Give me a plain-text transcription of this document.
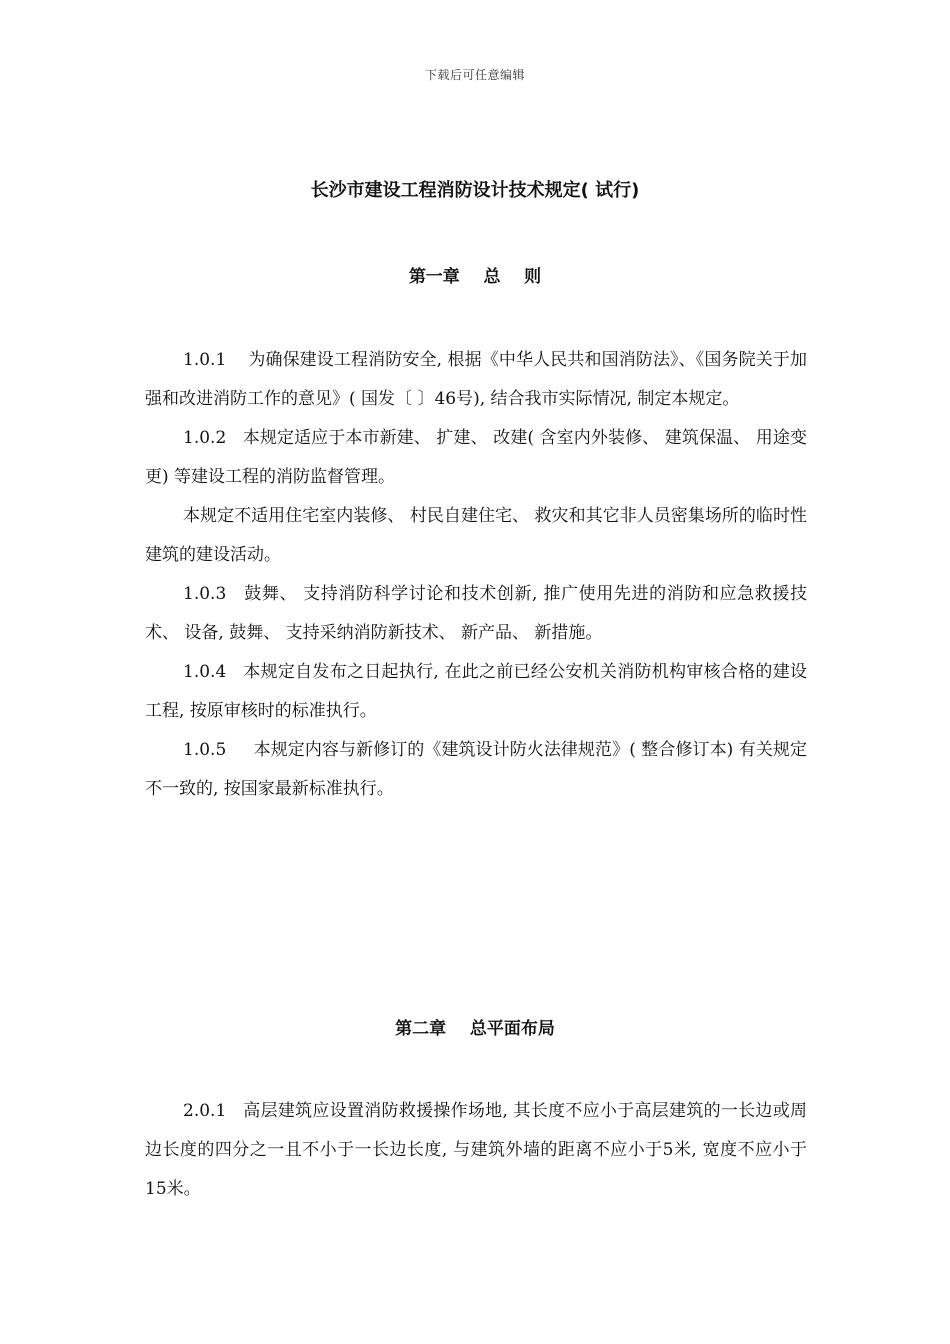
下载后可任意编辑
长沙市建设工程消防设计技术规定( 试行)
第一章    总    则

1.0.1    为确保建设工程消防安全, 根据《中华人民共和国消防法》、《国务院关于加强和改进消防工作的意见》( 国发〔 〕46号), 结合我市实际情况, 制定本规定。

1.0.2   本规定适应于本市新建、 扩建、 改建( 含室内外装修、 建筑保温、 用途变更) 等建设工程的消防监督管理。

本规定不适用住宅室内装修、 村民自建住宅、 救灾和其它非人员密集场所的临时性建筑的建设活动。

1.0.3   鼓舞、 支持消防科学讨论和技术创新, 推广使用先进的消防和应急救援技术、 设备, 鼓舞、 支持采纳消防新技术、 新产品、 新措施。

1.0.4   本规定自发布之日起执行, 在此之前已经公安机关消防机构审核合格的建设工程, 按原审核时的标准执行。

1.0.5     本规定内容与新修订的《建筑设计防火法律规范》( 整合修订本) 有关规定不一致的, 按国家最新标准执行。

第二章    总平面布局

2.0.1   高层建筑应设置消防救援操作场地, 其长度不应小于高层建筑的一长边或周边长度的四分之一且不小于一长边长度, 与建筑外墙的距离不应小于5米, 宽度不应小于15米。
